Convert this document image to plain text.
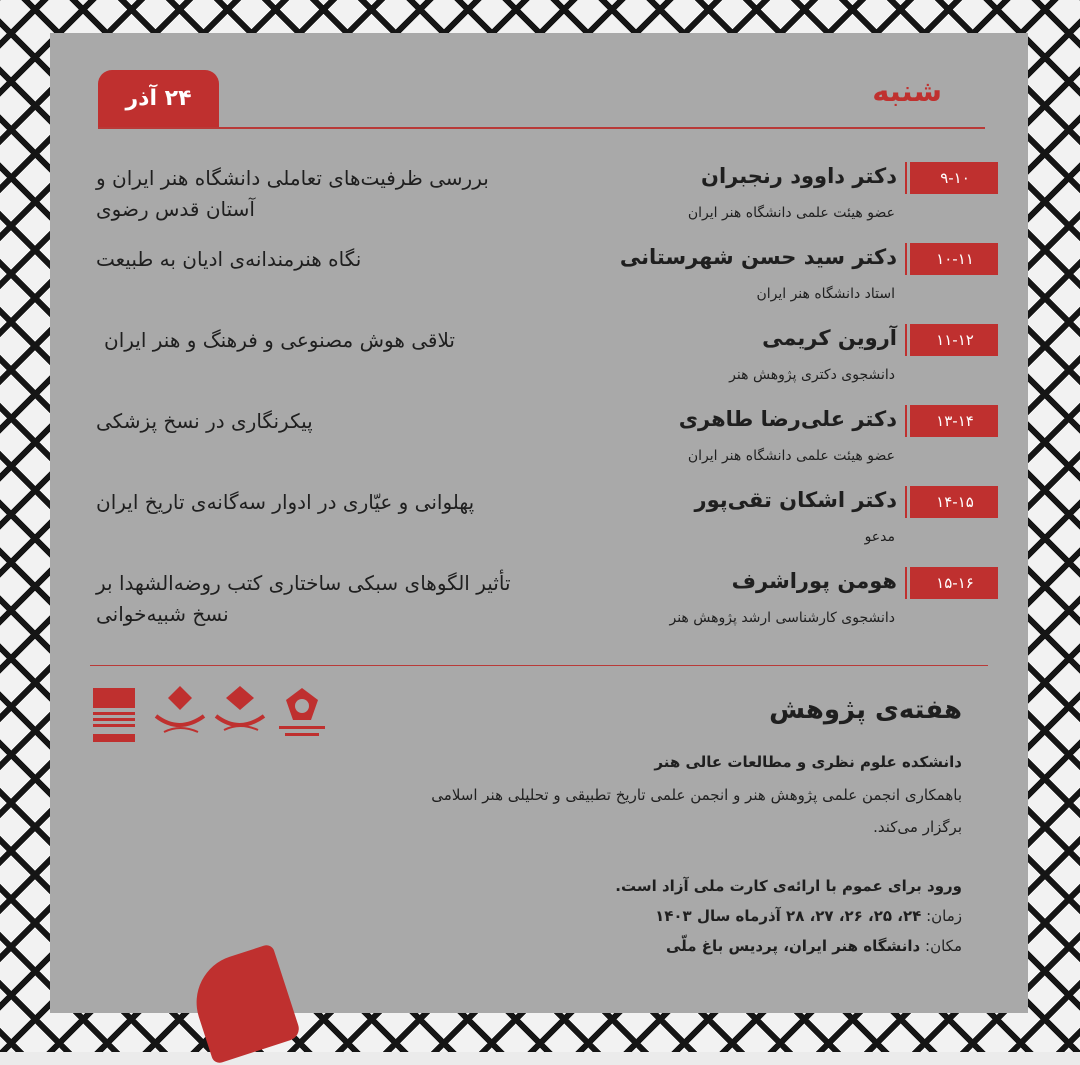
شنبه
۲۴ آذر
۹-۱۰
دکتر داوود رنجبران
عضو هیئت علمی دانشگاه هنر ایران
بررسی ظرفیت‌های تعاملی دانشگاه هنر ایران و آستان قدس رضوی
۱۰-۱۱
دکتر سید حسن شهرستانی
استاد دانشگاه هنر ایران
نگاه هنرمندانه‌ی ادیان به طبیعت
۱۱-۱۲
آروین کریمی
دانشجوی دکتری پژوهش هنر
تلاقی هوش مصنوعی و فرهنگ و هنر ایران
۱۳-۱۴
دکتر علی‌رضا طاهری
عضو هیئت علمی دانشگاه هنر ایران
پیکرنگاری در نسخ پزشکی
۱۴-۱۵
دکتر اشکان تقی‌پور
مدعو
پهلوانی و عیّاری در ادوار سه‌گانه‌ی تاریخ ایران
۱۵-۱۶
هومن پوراشرف
دانشجوی کارشناسی ارشد پژوهش هنر
تأثیر الگوهای سبکی ساختاری کتب روضه‌الشهدا بر نسخ شبیه‌خوانی
هفته‌ی پژوهش
دانشکده علوم نظری و مطالعات عالی هنر
باهمکاری انجمن علمی پژوهش هنر و انجمن علمی تاریخ تطبیقی و تحلیلی هنر اسلامی
برگزار می‌کند.
ورود برای عموم با ارائه‌ی کارت ملی آزاد است.
زمان: ۲۴، ۲۵، ۲۶، ۲۷، ۲۸ آذرماه سال ۱۴۰۳
مکان: دانشگاه هنر ایران، پردیس باغ ملّی
